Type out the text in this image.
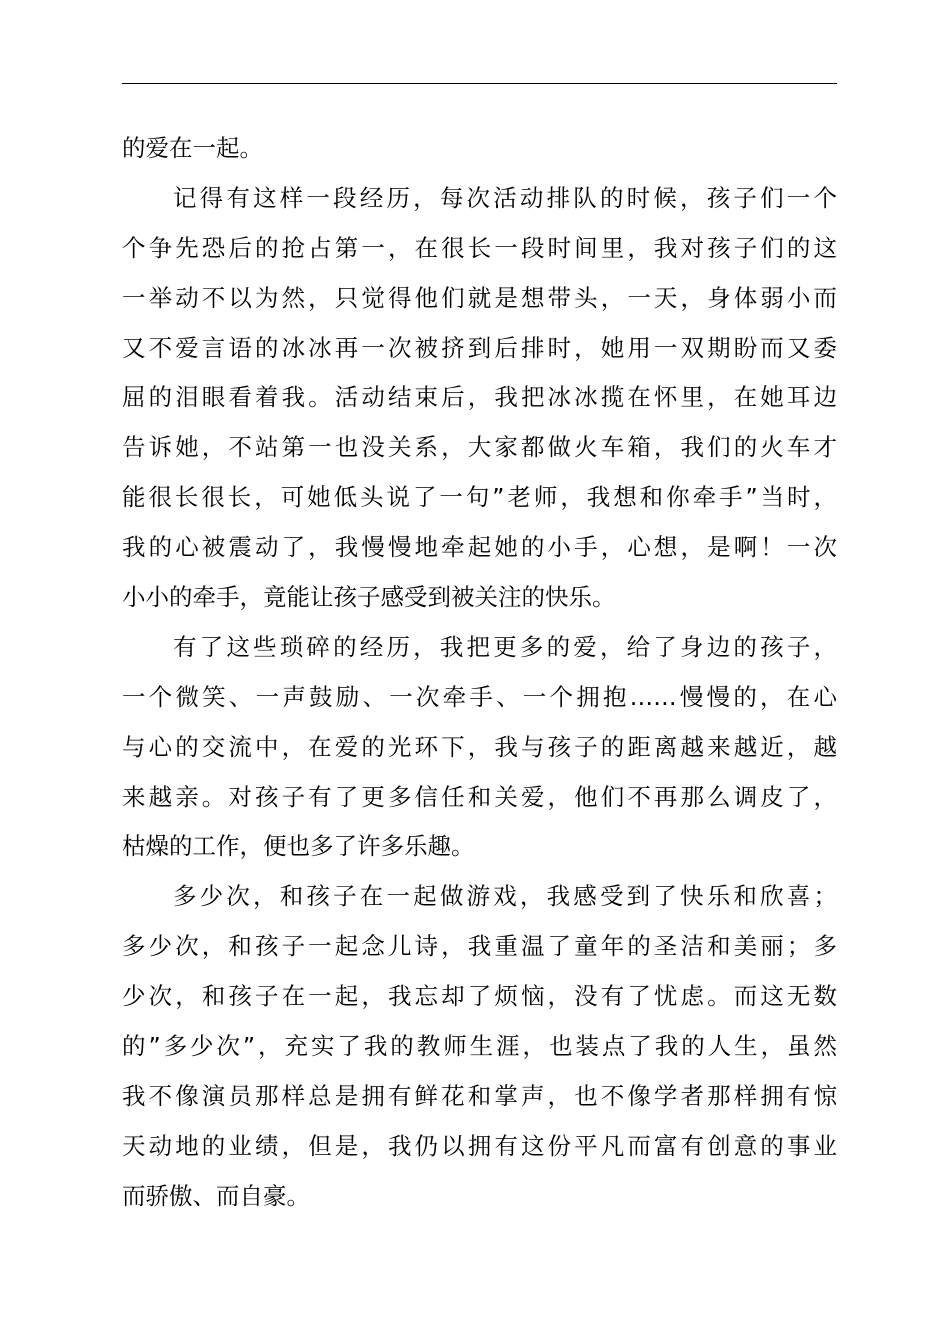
的爱在一起。
记得有这样一段经历，每次活动排队的时候，孩子们一个
个争先恐后的抢占第一，在很长一段时间里，我对孩子们的这
一举动不以为然，只觉得他们就是想带头，一天，身体弱小而
又不爱言语的冰冰再一次被挤到后排时，她用一双期盼而又委
屈的泪眼看着我。活动结束后，我把冰冰揽在怀里，在她耳边
告诉她，不站第一也没关系，大家都做火车箱，我们的火车才
能很长很长，可她低头说了一句”老师，我想和你牵手”当时，
我的心被震动了，我慢慢地牵起她的小手，心想，是啊！一次
小小的牵手，竟能让孩子感受到被关注的快乐。
有了这些琐碎的经历，我把更多的爱，给了身边的孩子，
一个微笑、一声鼓励、一次牵手、一个拥抱……慢慢的，在心
与心的交流中，在爱的光环下，我与孩子的距离越来越近，越
来越亲。对孩子有了更多信任和关爱，他们不再那么调皮了，
枯燥的工作，便也多了许多乐趣。
多少次，和孩子在一起做游戏，我感受到了快乐和欣喜；
多少次，和孩子一起念儿诗，我重温了童年的圣洁和美丽；多
少次，和孩子在一起，我忘却了烦恼，没有了忧虑。而这无数
的”多少次”，充实了我的教师生涯，也装点了我的人生，虽然
我不像演员那样总是拥有鲜花和掌声，也不像学者那样拥有惊
天动地的业绩，但是，我仍以拥有这份平凡而富有创意的事业
而骄傲、而自豪。
